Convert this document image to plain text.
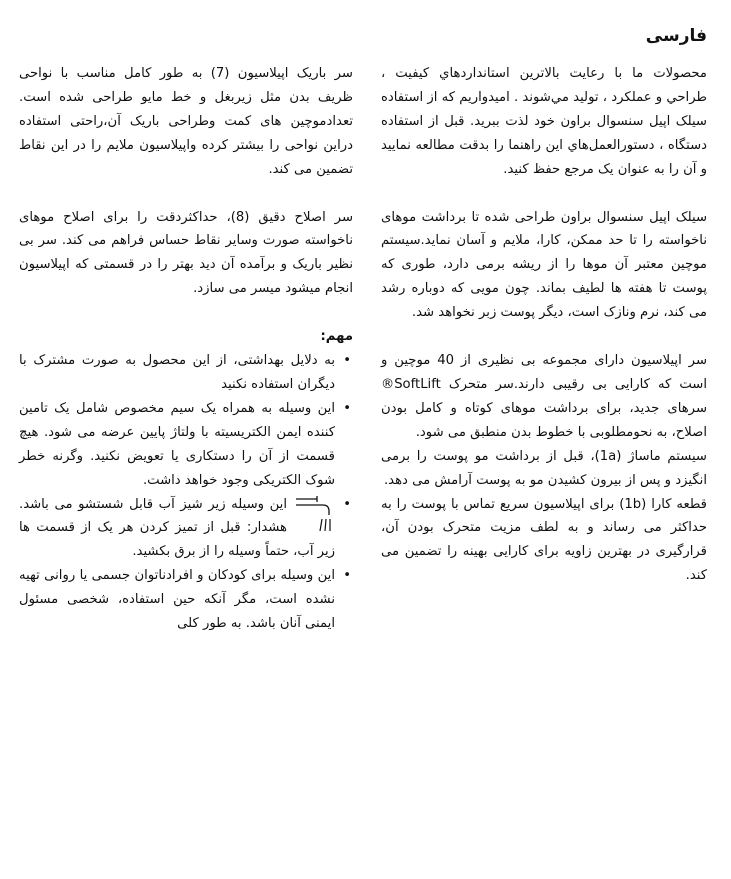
فارسی

محصولات ما با رعايت بالاترين استانداردهاي كيفيت ، طراحي و عملكرد ، توليد مي‌شوند . اميدواريم كه از استفاده سيلک اپیل سنسوال براون خود لذت ببريد. قبل از استفاده دستگاه ، دستورالعمل‌هاي اين راهنما را بدقت مطالعه نماييد و آن را به عنوان یک مرجع حفظ کنید.

سیلک اپیل سنسوال براون طراحی شده تا برداشت موهای ناخواسته را تا حد ممکن، کارا، ملایم و آسان نماید.سیستم موچین معتبر آن موها را از ریشه برمی دارد، طوری که پوست تا هفته ها لطیف بماند. چون مویی که دوباره رشد می کند، نرم ونازک است، دیگر پوست زبر نخواهد شد.

سر اپیلاسیون دارای مجموعه بی نظیری از 40 موچین و است که کارایی بی رقیبی دارند.سر متحرک SoftLift® سرهای جدید، برای برداشت موهای کوتاه و کامل بودن اصلاح، به نحومطلوبی با خطوط بدن منطبق می شود.

سیستم ماساژ (1a)، قبل از برداشت مو پوست را برمی انگیزد و پس از بیرون کشیدن مو به پوست آرامش می دهد.

قطعه کارا (1b) برای اپیلاسیون سریع تماس با پوست را به حداکثر می رساند و به لطف مزیت متحرک بودن آن، قرارگیری در بهترین زاویه برای کارایی بهینه را تضمین می کند.

سر باریک اپیلاسیون (7) به طور کامل مناسب با نواحی ظریف بدن مثل زیربغل و خط مایو طراحی شده است. تعدادموچین های کمت وطراحی باریک آن،راحتی استفاده دراین نواحی را بیشتر کرده واپیلاسیون ملایم را در این نقاط تضمین می کند.

سر اصلاح دقیق (8)، حداکثردقت را برای اصلاح موهای ناخواسته صورت وسایر نقاط حساس فراهم می کند. سر بی نظیر باریک و برآمده آن دید بهتر را در قسمتی که اپیلاسیون انجام میشود میسر می سازد.

مهم:

•
به دلایل بهداشتی، از این محصول به صورت مشترک با دیگران استفاده نکنید
•
این وسیله به همراه یک سیم مخصوص شامل یک تامین کننده ایمن الکتریسیته با ولتاژ پایین عرضه می شود. هیچ قسمت از آن را دستکاری یا تعویض نکنید. وگرنه خطر شوک الکتریکی وجود خواهد داشت.
•
این وسیله زیر شیز آب قابل شستشو می باشد. هشدار: قبل از تمیز کردن هر یک از قسمت ها زیر آب، حتماً وسیله را از برق بکشید.
•
این وسیله برای کودکان و افرادناتوان جسمی یا روانی تهیه نشده است، مگر آنکه حین استفاده، شخصی مسئول ایمنی آنان باشد. به طور کلی
